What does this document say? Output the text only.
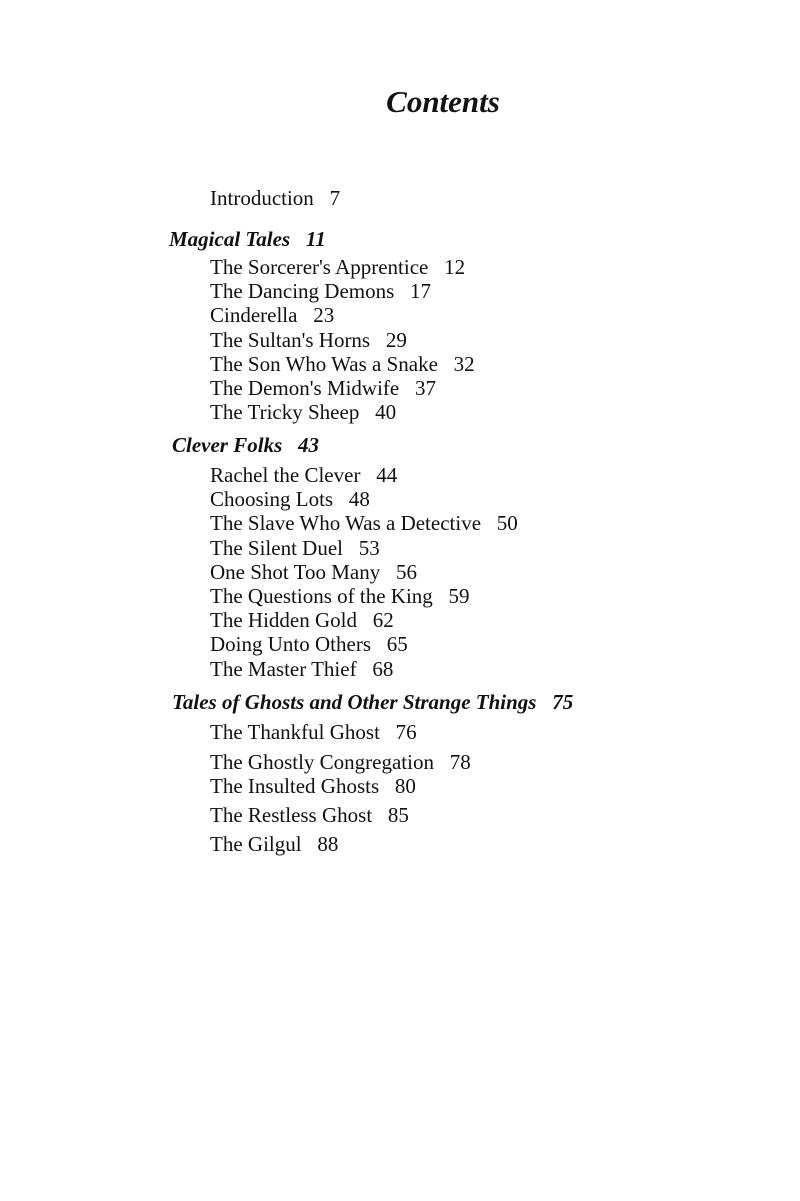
Contents
Introduction 7
Magical Tales 11
The Sorcerer's Apprentice 12
The Dancing Demons 17
Cinderella 23
The Sultan's Horns 29
The Son Who Was a Snake 32
The Demon's Midwife 37
The Tricky Sheep 40
Clever Folks 43
Rachel the Clever 44
Choosing Lots 48
The Slave Who Was a Detective 50
The Silent Duel 53
One Shot Too Many 56
The Questions of the King 59
The Hidden Gold 62
Doing Unto Others 65
The Master Thief 68
Tales of Ghosts and Other Strange Things 75
The Thankful Ghost 76
The Ghostly Congregation 78
The Insulted Ghosts 80
The Restless Ghost 85
The Gilgul 88
